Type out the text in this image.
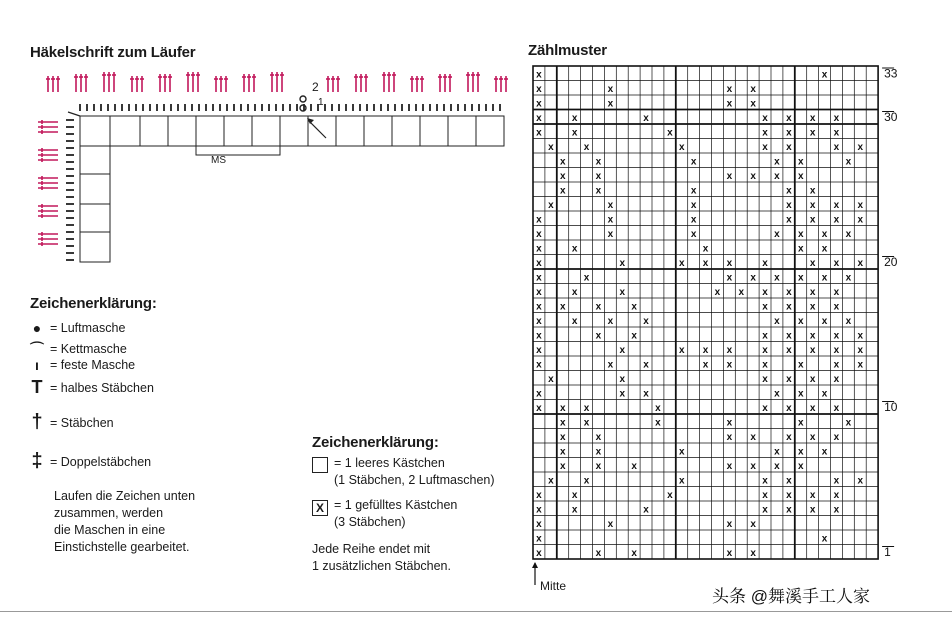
Häkelschrift zum Läufer
MS
2
1
Zeichenerklärung:
● = Luftmasche
⌒ = Kettmasche
ı = feste Masche
T = halbes Stäbchen
† = Stäbchen
‡ = Doppelstäbchen
Laufen die Zeichen unten
zusammen, werden
die Maschen in eine
Einstichstelle gearbeitet.
Zeichenerklärung:
= 1 leeres Kästchen
(1 Stäbchen, 2 Luftmaschen)
X = 1 gefülltes Kästchen
(3 Stäbchen)
Jede Reihe endet mit
1 zusätzlichen Stäbchen.
Zählmuster
x	x
x	x	x x
x	x	x x
x	x	x	x x x x
x	x	x	x x x x
x	x	x	x x	x x
x	x	x	x x	x
x	x	x x x x
x	x	x	x x
x	x	x	x x x x
x	x	x	x x x x
x	x	x	x x x x
x	x	x	x x
x	x	x x x	x	x x x
x	x	x x x x x x
x	x	x	x x x x x x
x x	x	x	x x x x
x	x	x	x	x x x x
x	x	x	x x x x x
x	x	x x x	x x x x x
x	x	x	x x	x	x	x x
x	x	x x x x
x	x x	x x x
x x x	x	x x x x
x x	x	x	x	x
x	x	x x	x x x
x	x	x	x x x
x	x	x	x x x x
x	x	x	x x	x x
x	x	x	x x x x
x	x	x	x x x x
x	x	x x
x	x
x	x	x	x x
33
30
20
10
1
Mitte
头条 @舞溪手工人家
